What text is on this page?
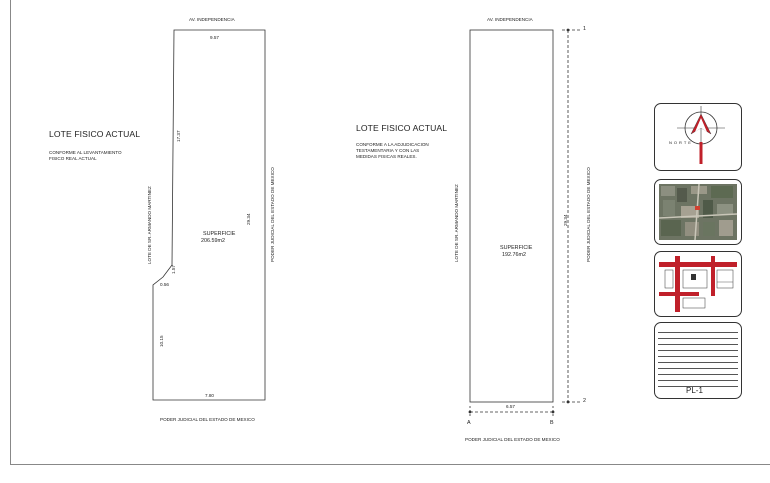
AV. INDEPENDENCIA
9.57
LOTE FISICO ACTUAL
CONFORME AL LEVANTAMIENTO
FISICO REAL ACTUAL
17.37
29.34
1.57
0.56
10.15
7.80
SUPERFICIE
206.59m2
LOTE DE SR. ARMANDO MARTINEZ	PODER JUDICIAL DEL ESTADO DE MEXICO
PODER JUDICIAL DEL ESTADO DE MEXICO
AV. INDEPENDENCIA
LOTE FISICO ACTUAL
CONFORME A LA ADJUDICACION
TESTAMENTARIA Y CON LAS
MEDIDAS FISICAS REALES.
SUPERFICIE
192.76m2
29.34
6.57
1
2
A	B
LOTE DE SR. ARMANDO MARTINEZ	PODER JUDICIAL DEL ESTADO DE MEXICO
PODER JUDICIAL DEL ESTADO DE MEXICO
NORTE
PL-1
